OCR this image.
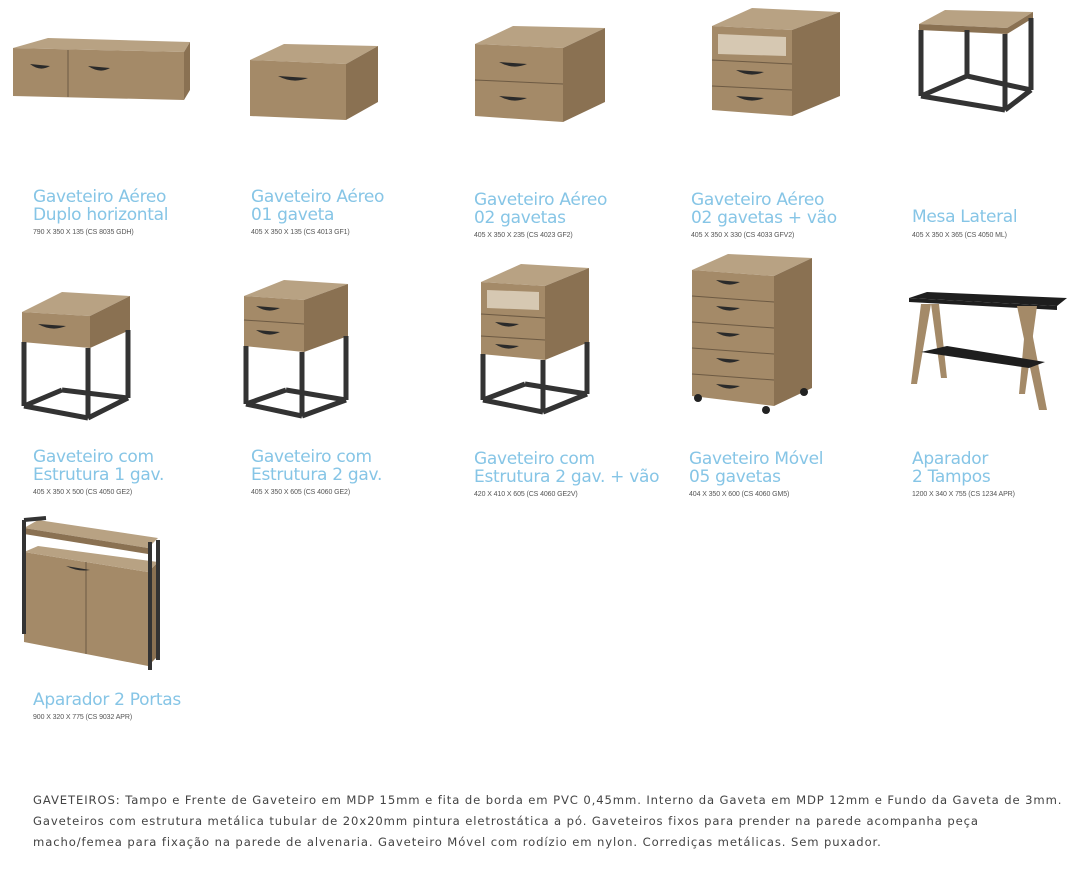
Gaveteiro Aéreo
Duplo horizontal
790 X 350 X 135 (CS 8035 GDH)
Gaveteiro Aéreo
01 gaveta
405 X 350 X 135 (CS 4013 GF1)
Gaveteiro Aéreo
02 gavetas
405 X 350 X 235 (CS 4023 GF2)
Gaveteiro Aéreo
02 gavetas + vão
405 X 350 X 330 (CS 4033 GFV2)
Mesa Lateral
405 X 350 X 365 (CS 4050 ML)
Gaveteiro com
Estrutura 1 gav.
405 X 350 X 500 (CS 4050 GE2)
Gaveteiro com
Estrutura 2 gav.
405 X 350 X 605 (CS 4060 GE2)
Gaveteiro com
Estrutura 2 gav. + vão
420 X 410 X 605 (CS 4060 GE2V)
Gaveteiro Móvel
05 gavetas
404 X 350 X 600 (CS 4060 GM5)
Aparador
2 Tampos
1200 X 340 X 755 (CS 1234 APR)
Aparador 2 Portas
900 X 320 X 775 (CS 9032 APR)
GAVETEIROS: Tampo e Frente de Gaveteiro em MDP 15mm e fita de borda em PVC 0,45mm. Interno da Gaveta em MDP 12mm e Fundo da Gaveta de 3mm. Gaveteiros com estrutura metálica tubular de 20x20mm pintura eletrostática a pó. Gaveteiros fixos para prender na parede acompanha peça macho/femea para fixação na parede de alvenaria. Gaveteiro Móvel com rodízio em nylon. Corrediças metálicas. Sem puxador.
